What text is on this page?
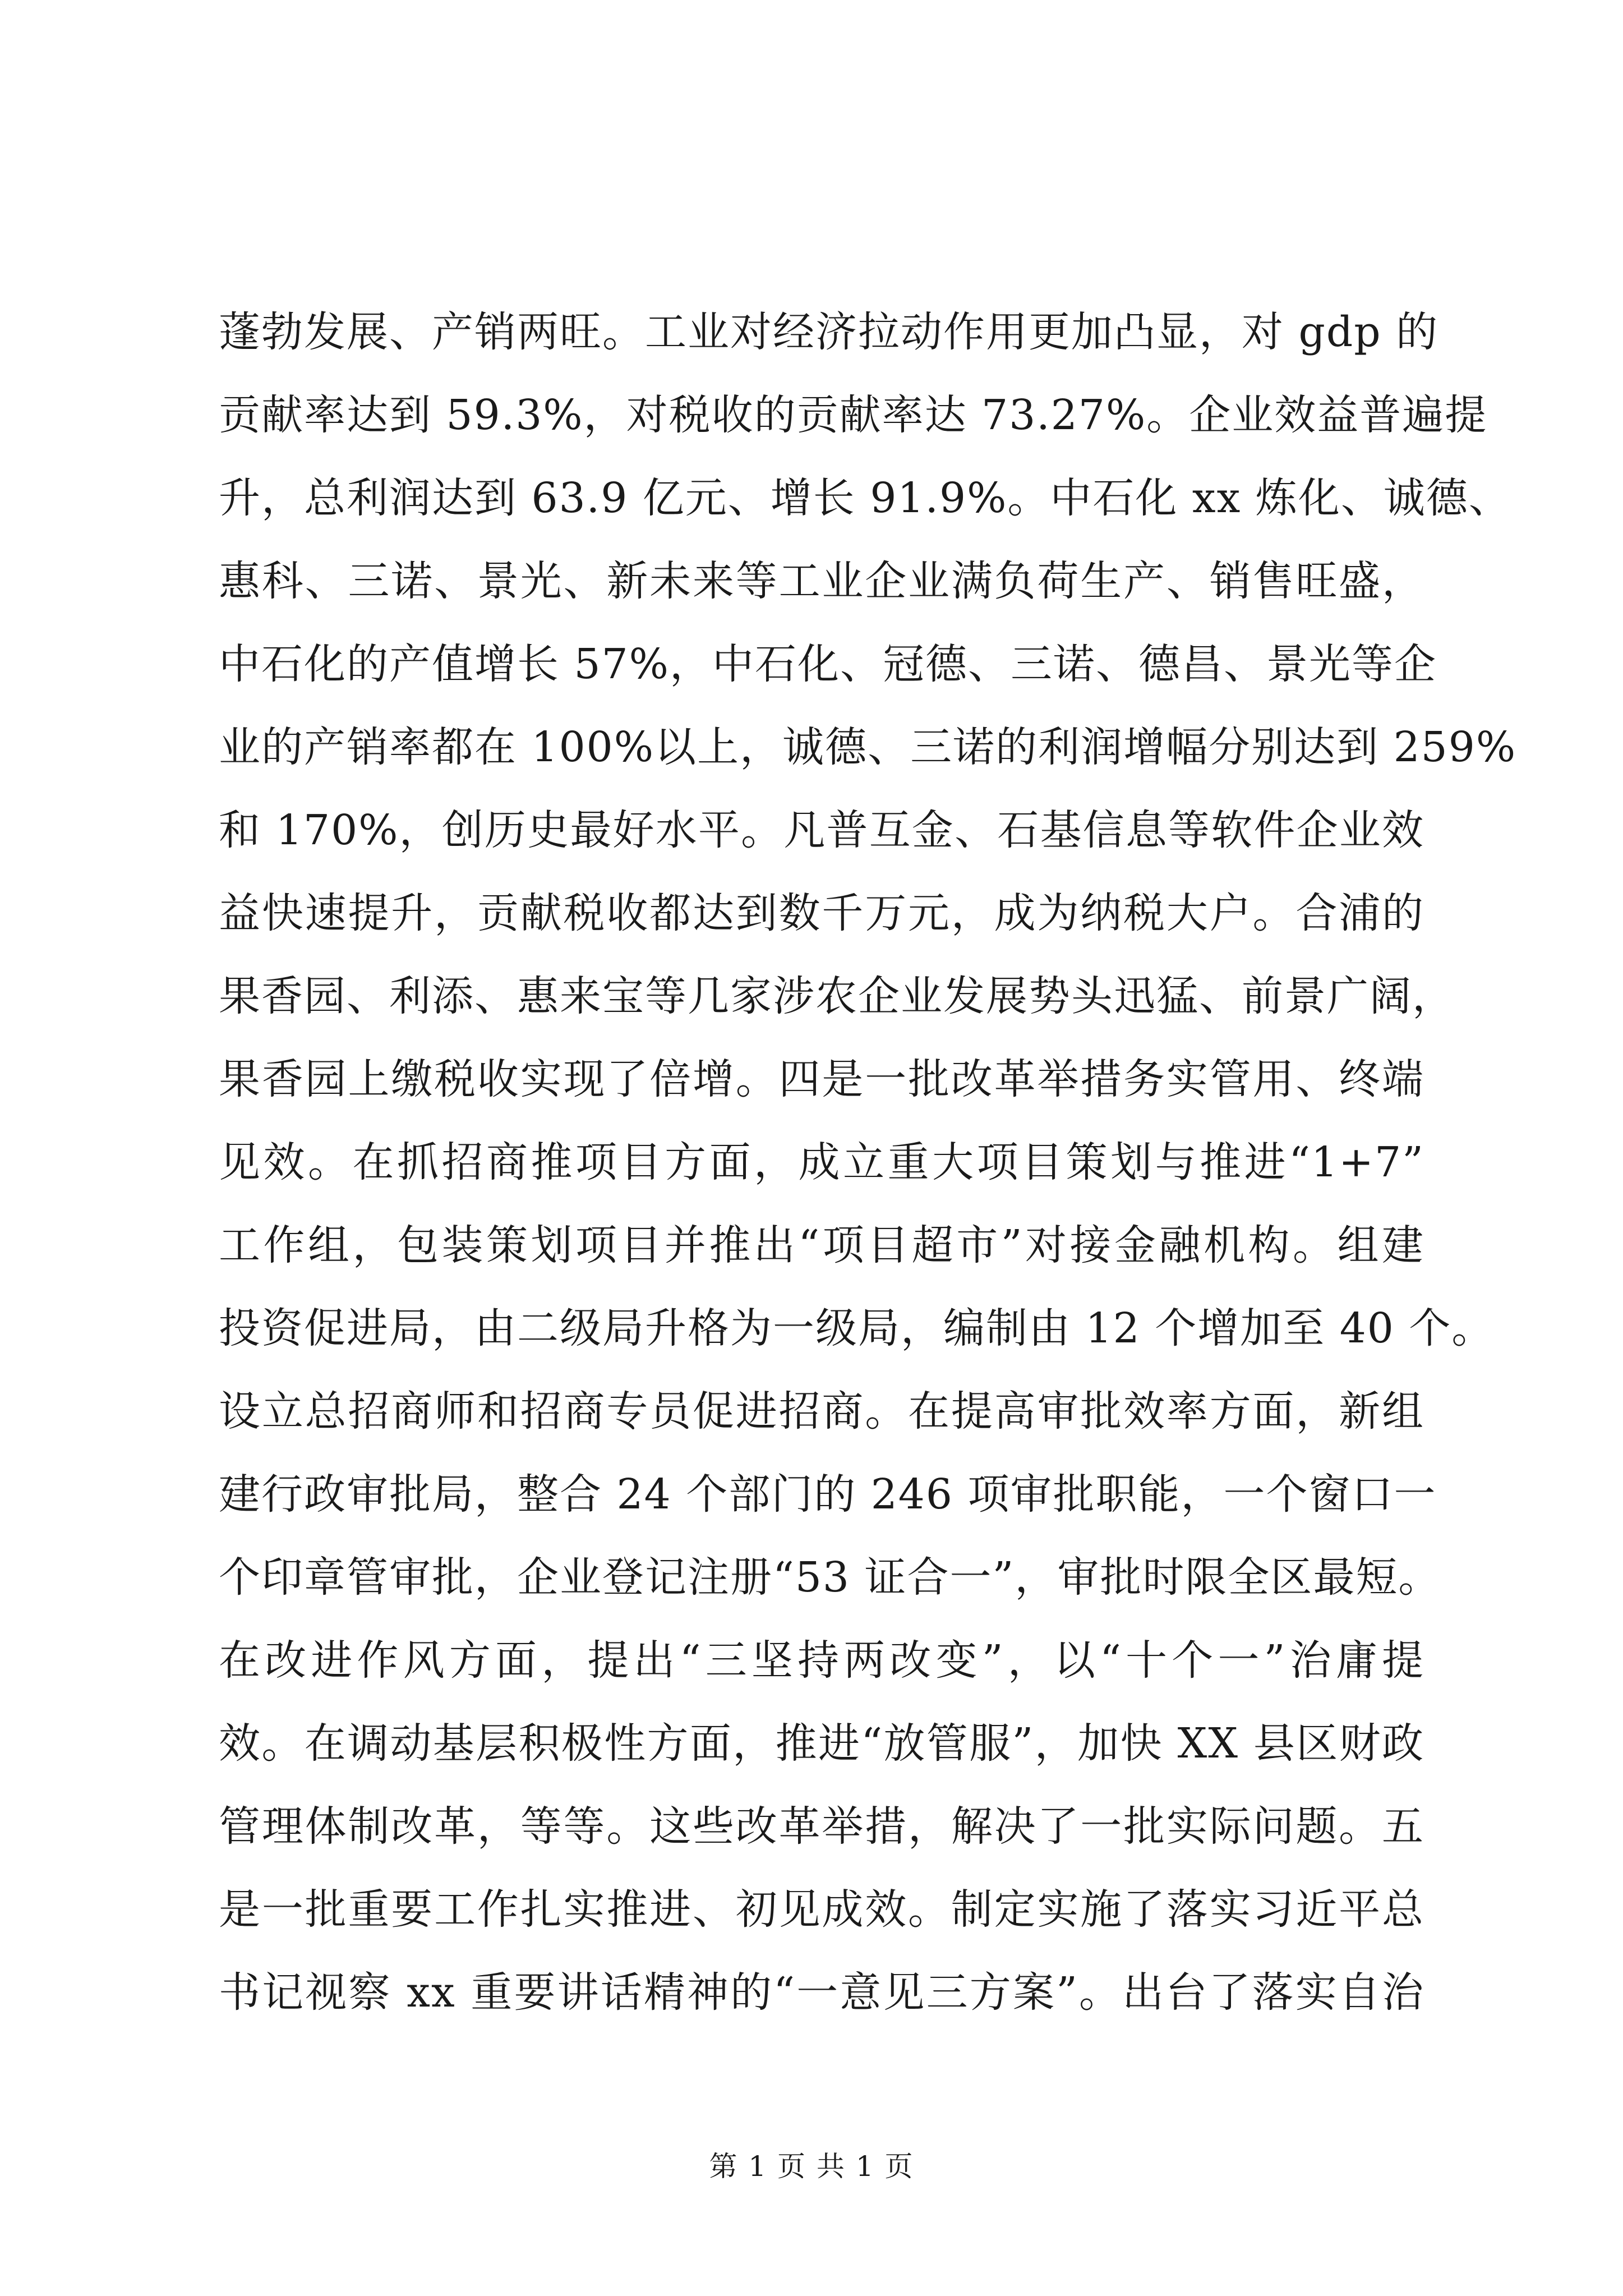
蓬勃发展、产销两旺。工业对经济拉动作用更加凸显，对 gdp 的
贡献率达到 59.3%，对税收的贡献率达 73.27%。企业效益普遍提
升，总利润达到 63.9 亿元、增长 91.9%。中石化 xx 炼化、诚德、
惠科、三诺、景光、新未来等工业企业满负荷生产、销售旺盛，
中石化的产值增长 57%，中石化、冠德、三诺、德昌、景光等企
业的产销率都在 100%以上，诚德、三诺的利润增幅分别达到 259%
和 170%，创历史最好水平。凡普互金、石基信息等软件企业效
益快速提升，贡献税收都达到数千万元，成为纳税大户。合浦的
果香园、利添、惠来宝等几家涉农企业发展势头迅猛、前景广阔，
果香园上缴税收实现了倍增。四是一批改革举措务实管用、终端
见效。在抓招商推项目方面，成立重大项目策划与推进“1+7”
工作组，包装策划项目并推出“项目超市”对接金融机构。组建
投资促进局，由二级局升格为一级局，编制由 12 个增加至 40 个。
设立总招商师和招商专员促进招商。在提高审批效率方面，新组
建行政审批局，整合 24 个部门的 246 项审批职能，一个窗口一
个印章管审批，企业登记注册“53 证合一”，审批时限全区最短。
在改进作风方面，提出“三坚持两改变”，以“十个一”治庸提
效。在调动基层积极性方面，推进“放管服”，加快 XX 县区财政
管理体制改革，等等。这些改革举措，解决了一批实际问题。五
是一批重要工作扎实推进、初见成效。制定实施了落实习近平总
书记视察 xx 重要讲话精神的“一意见三方案”。出台了落实自治
第 1 页 共 1 页
